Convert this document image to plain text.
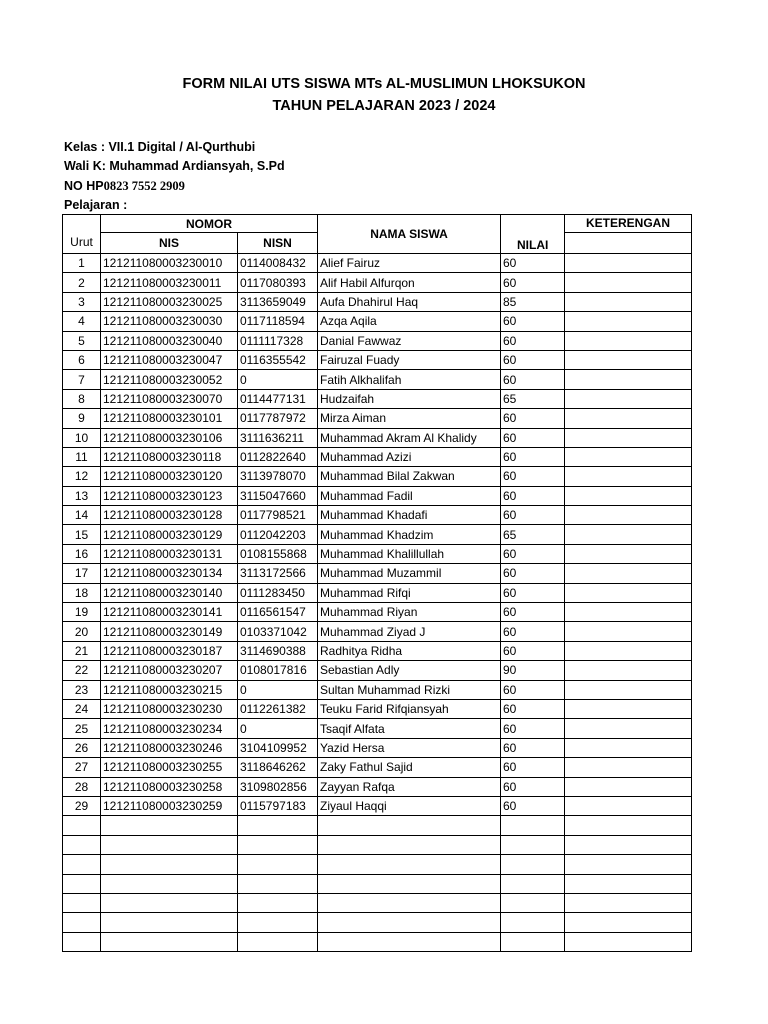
FORM NILAI UTS SISWA MTs AL-MUSLIMUN LHOKSUKON
TAHUN PELAJARAN 2023 / 2024
Kelas : VII.1 Digital / Al-Qurthubi
Wali K: Muhammad Ardiansyah, S.Pd
NO HP0823 7552 2909
Pelajaran :
Urut	NOMOR		NAMA SISWA	NILAI	KETERENGAN
	NIS	NISN			
1	121211080003230010	0114008432	Alief Fairuz	60	
2	121211080003230011	0117080393	Alif Habil Alfurqon	60	
3	121211080003230025	3113659049	Aufa Dhahirul Haq	85	
4	121211080003230030	0117118594	Azqa Aqila	60	
5	121211080003230040	0111117328	Danial Fawwaz	60	
6	121211080003230047	0116355542	Fairuzal Fuady	60	
7	121211080003230052	0	Fatih Alkhalifah	60	
8	121211080003230070	0114477131	Hudzaifah	65	
9	121211080003230101	0117787972	Mirza Aiman	60	
10	121211080003230106	3111636211	Muhammad Akram Al Khalidy	60	
11	121211080003230118	0112822640	Muhammad Azizi	60	
12	121211080003230120	3113978070	Muhammad Bilal Zakwan	60	
13	121211080003230123	3115047660	Muhammad Fadil	60	
14	121211080003230128	0117798521	Muhammad Khadafi	60	
15	121211080003230129	0112042203	Muhammad Khadzim	65	
16	121211080003230131	0108155868	Muhammad Khalillullah	60	
17	121211080003230134	3113172566	Muhammad Muzammil	60	
18	121211080003230140	0111283450	Muhammad Rifqi	60	
19	121211080003230141	0116561547	Muhammad Riyan	60	
20	121211080003230149	0103371042	Muhammad Ziyad J	60	
21	121211080003230187	3114690388	Radhitya Ridha	60	
22	121211080003230207	0108017816	Sebastian Adly	90	
23	121211080003230215	0	Sultan Muhammad Rizki	60	
24	121211080003230230	0112261382	Teuku Farid Rifqiansyah	60	
25	121211080003230234	0	Tsaqif Alfata	60	
26	121211080003230246	3104109952	Yazid Hersa	60	
27	121211080003230255	3118646262	Zaky Fathul Sajid	60	
28	121211080003230258	3109802856	Zayyan Rafqa	60	
29	121211080003230259	0115797183	Ziyaul Haqqi	60	
